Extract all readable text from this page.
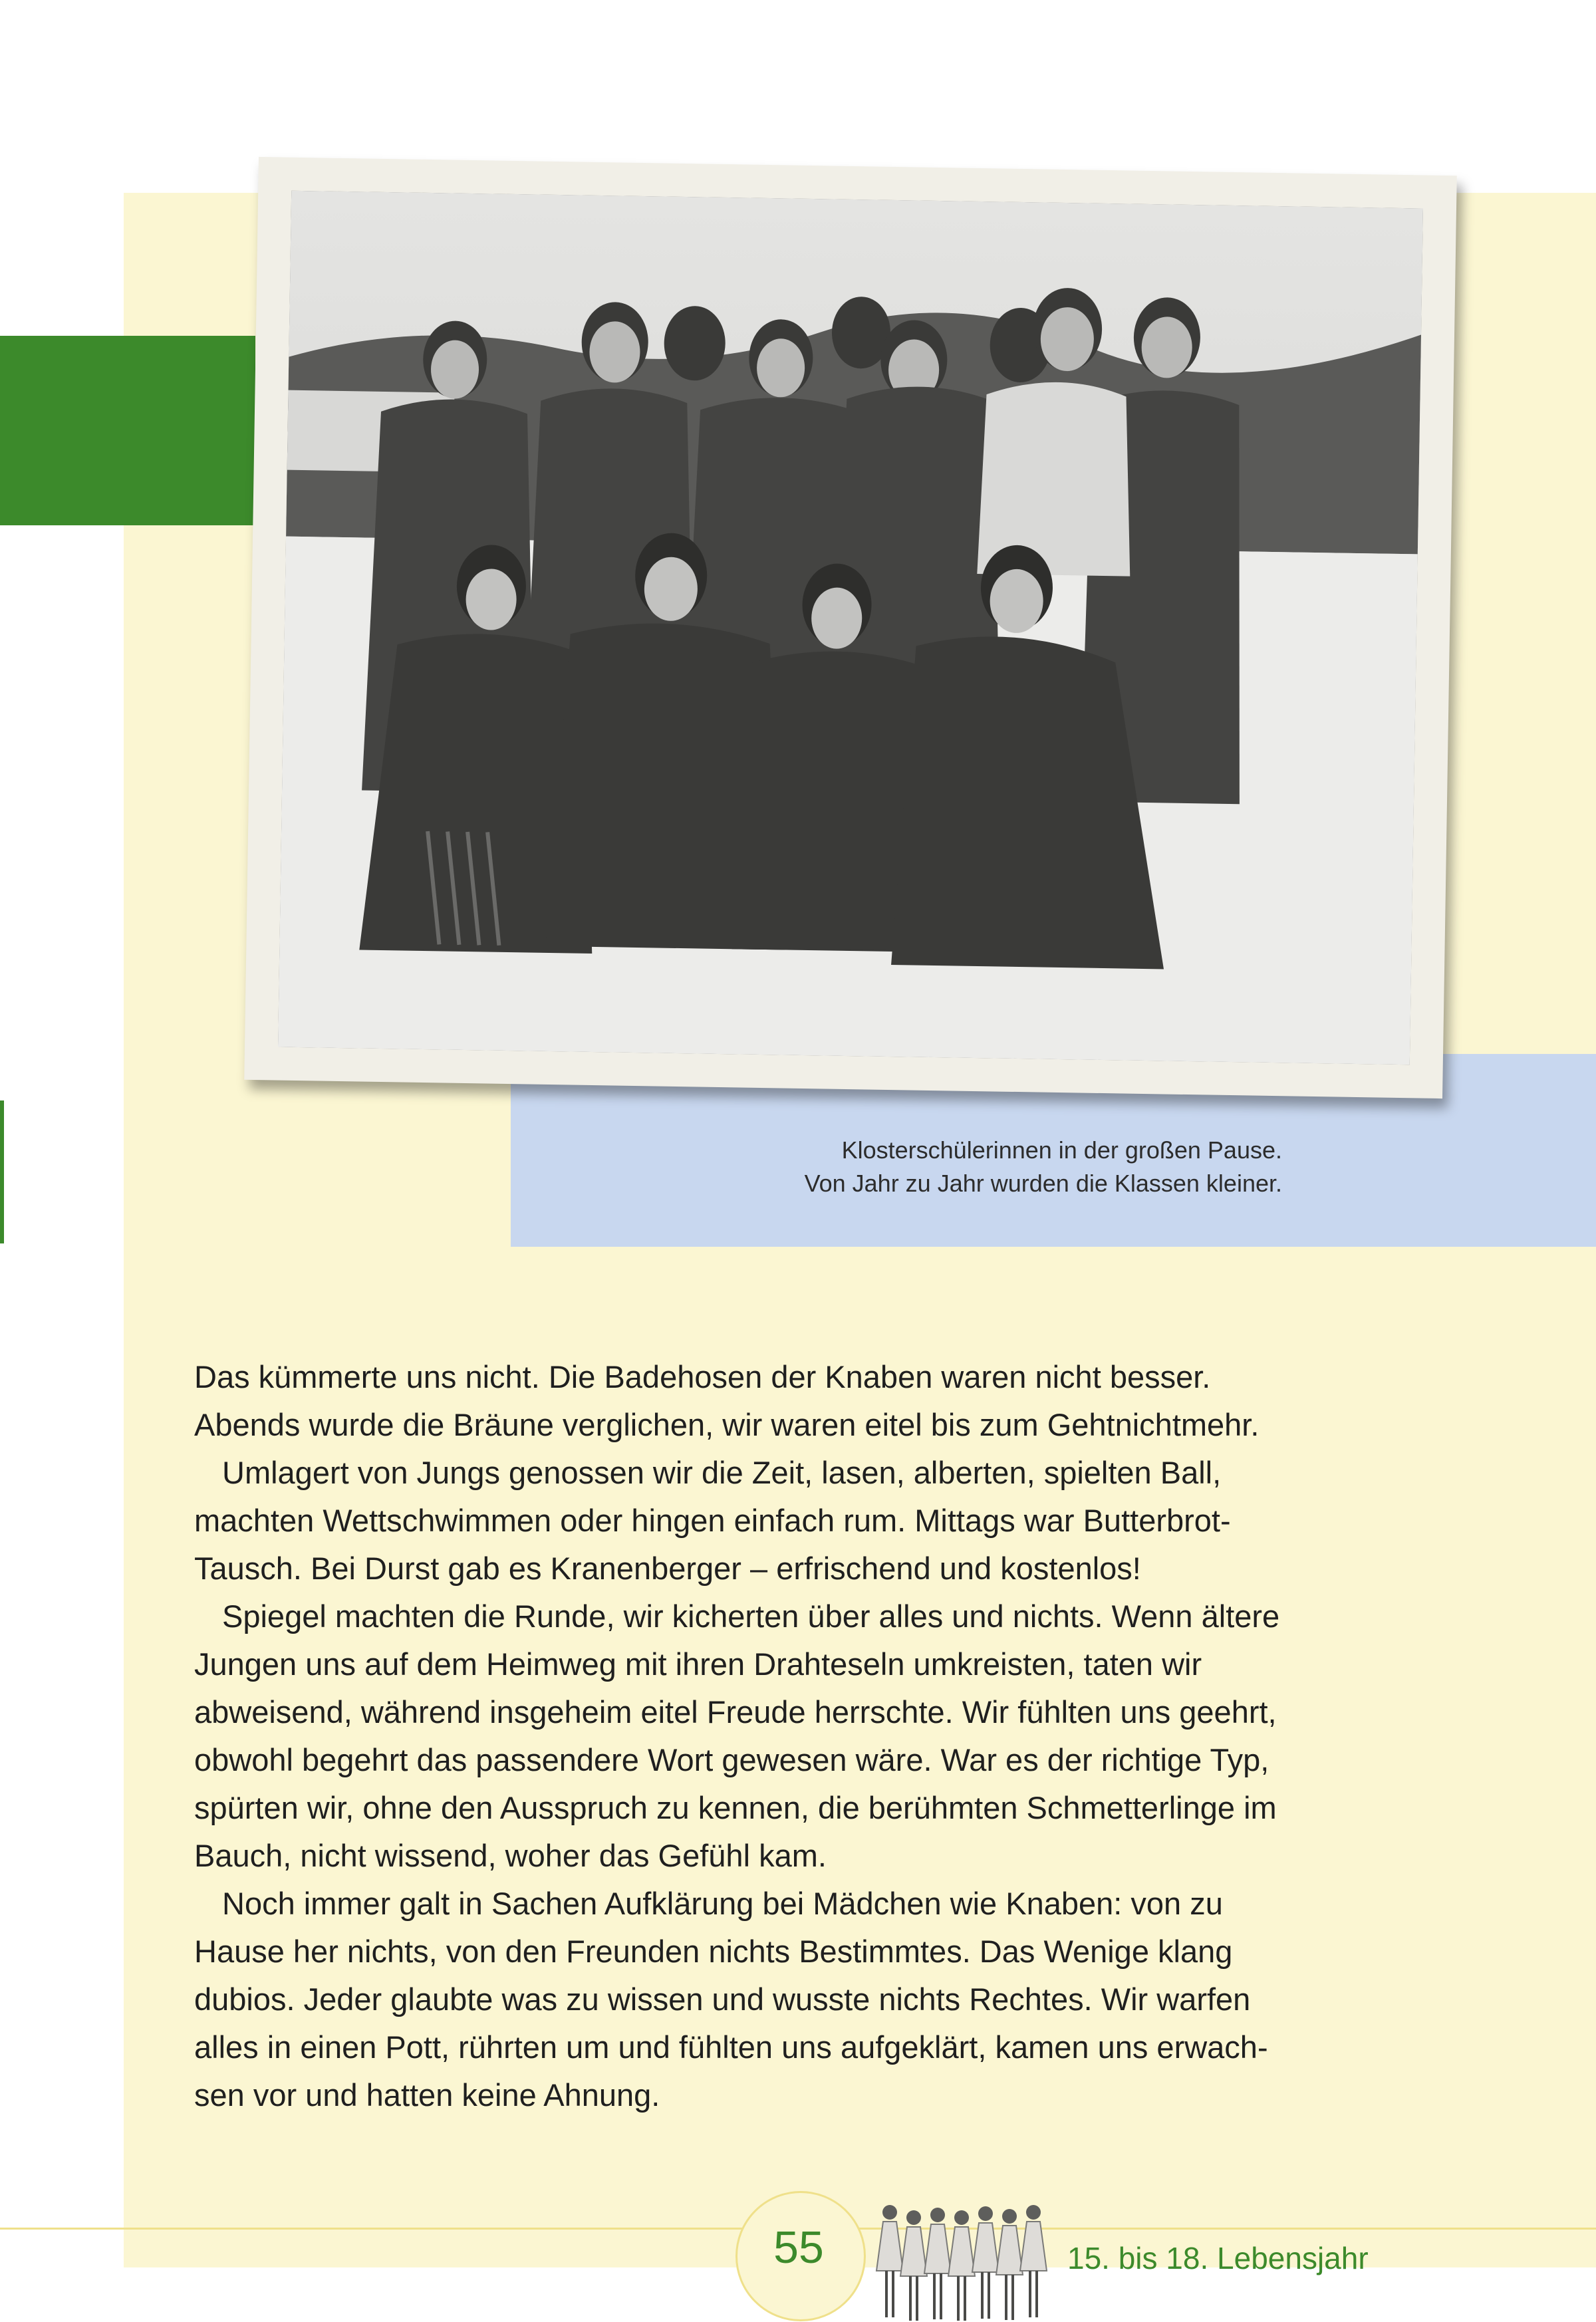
Klosterschülerinnen in der großen Pause.
Von Jahr zu Jahr wurden die Klassen kleiner.

Das kümmerte uns nicht. Die Badehosen der Knaben waren nicht besser.

Abends wurde die Bräune verglichen, wir waren eitel bis zum Gehtnichtmehr.

Umlagert von Jungs genossen wir die Zeit, lasen, alberten, spielten Ball,

machten Wettschwimmen oder hingen einfach rum. Mittags war Butterbrot-

Tausch. Bei Durst gab es Kranenberger – erfrischend und kostenlos!

Spiegel machten die Runde, wir kicherten über alles und nichts. Wenn ältere

Jungen uns auf dem Heimweg mit ihren Drahteseln umkreisten, taten wir

abweisend, während insgeheim eitel Freude herrschte. Wir fühlten uns geehrt,

obwohl begehrt das passendere Wort gewesen wäre. War es der richtige Typ,

spürten wir, ohne den Ausspruch zu kennen, die berühmten Schmetterlinge im

Bauch, nicht wissend, woher das Gefühl kam.

Noch immer galt in Sachen Aufklärung bei Mädchen wie Knaben: von zu

Hause her nichts, von den Freunden nichts Bestimmtes. Das Wenige klang

dubios. Jeder glaubte was zu wissen und wusste nichts Rechtes. Wir warfen

alles in einen Pott, rührten um und fühlten uns aufgeklärt, kamen uns erwach-

sen vor und hatten keine Ahnung.

55	15. bis 18. Lebensjahr
